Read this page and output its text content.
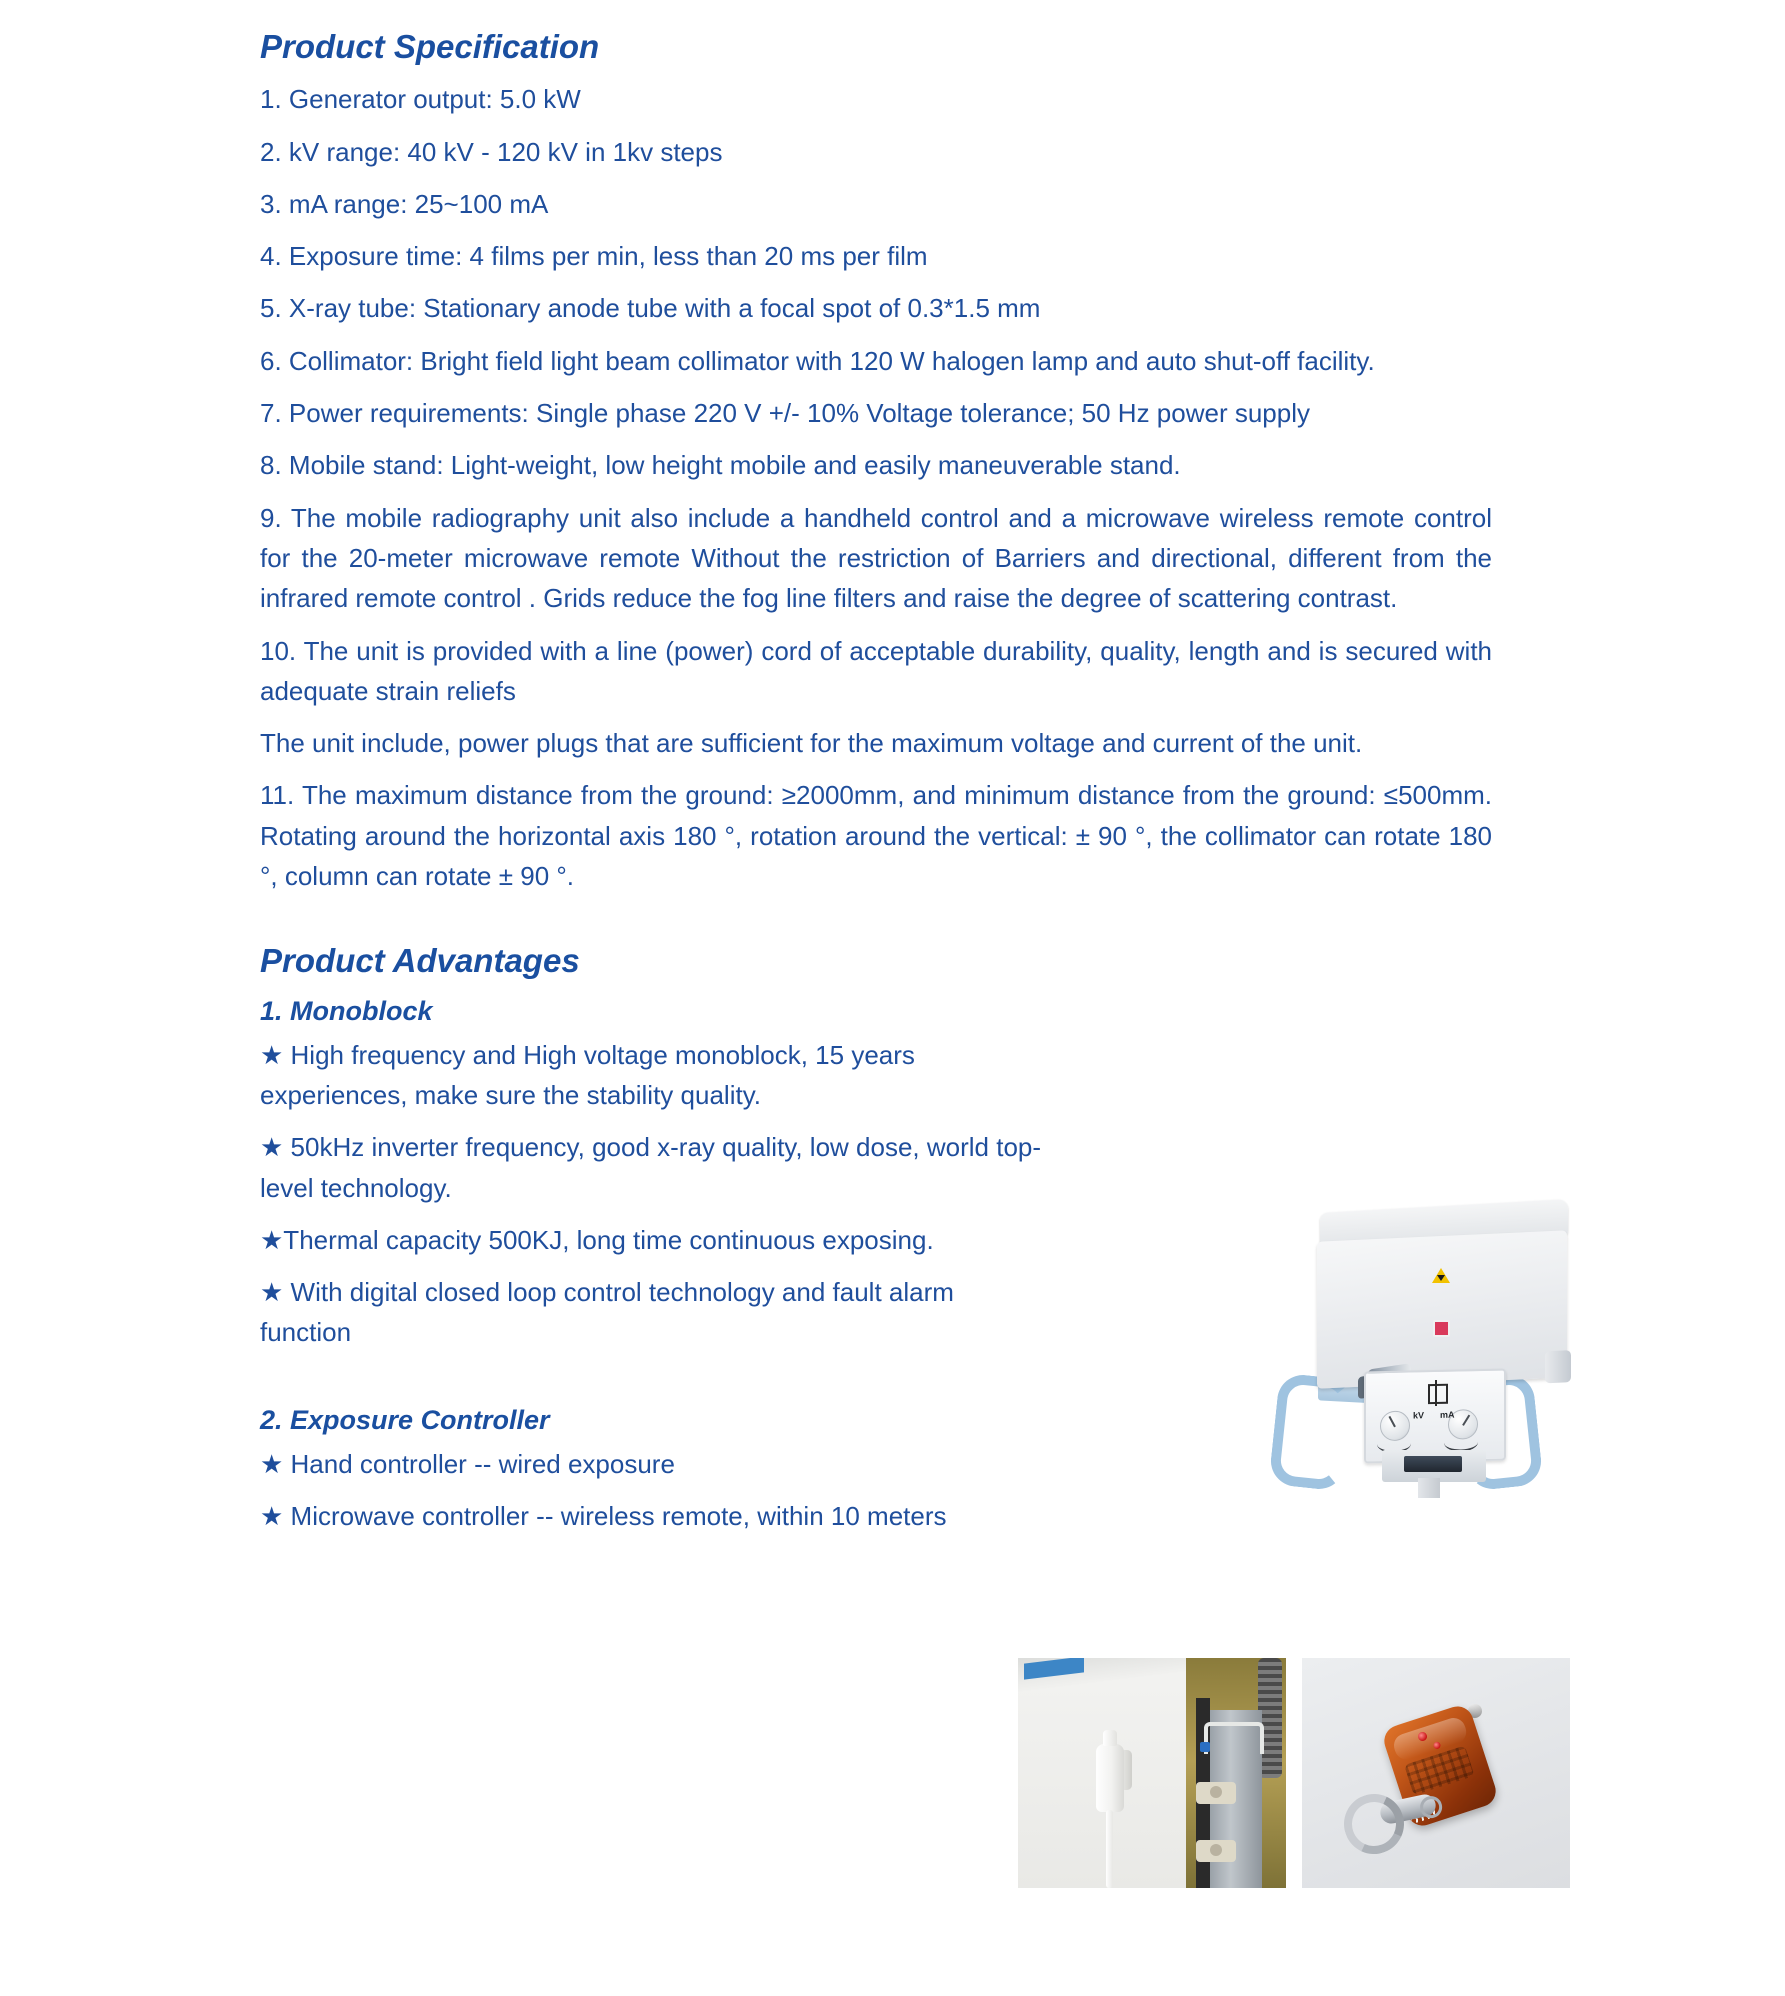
Product Specification

1. Generator output: 5.0 kW

2. kV range: 40 kV - 120 kV in 1kv steps

3. mA range: 25~100 mA

4. Exposure time: 4 films per min, less than 20 ms per film

5. X-ray tube: Stationary anode tube with a focal spot of 0.3*1.5 mm

6. Collimator: Bright field light beam collimator with 120 W halogen lamp and auto shut-off facility.

7. Power requirements: Single phase 220 V +/- 10% Voltage tolerance; 50 Hz power supply

8. Mobile stand: Light-weight, low height mobile and easily maneuverable stand.

9. The mobile radiography unit also include a handheld control and a microwave wireless remote control for the 20-meter microwave remote Without the restriction of Barriers and directional, different from the infrared remote control . Grids reduce the fog line filters and raise the degree of scattering contrast.

10. The unit is provided with a line (power) cord of acceptable durability, quality, length and is secured with adequate strain reliefs

The unit include, power plugs that are sufficient for the maximum voltage and current of the unit.

11. The maximum distance from the ground: ≥2000mm, and minimum distance from the ground: ≤500mm. Rotating around the horizontal axis 180 °, rotation around the vertical: ± 90 °, the collimator can rotate 180 °, column can rotate ± 90 °.

Product Advantages
1. Monoblock

★ High frequency and High voltage monoblock, 15 years experiences, make sure the stability quality.

★ 50kHz inverter frequency, good x-ray quality, low dose, world top-level technology.

★Thermal capacity 500KJ, long time continuous exposing.

★ With digital closed loop control technology and fault alarm function

2. Exposure Controller

★ Hand controller -- wired exposure

★ Microwave controller -- wireless remote, within 10 meters

kV mA
